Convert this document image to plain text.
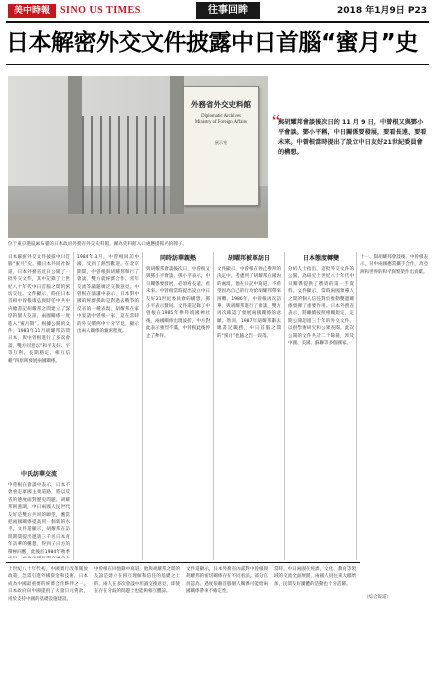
美中時報	SINO US TIMES	往事回眸	2018 年1月9日 P23
日本解密外交文件披露中日首腦“蜜月”史
外務省外交史料館
Diplomatic Archives
Ministry of Foreign Affairs
展示室
位于東京港區麻布臺的日本政府外務省外交史料館。圖為史料館入口處懸掛館名的牌子。
“
與胡耀邦會談後次日的 11 月 9 日，中曾根又與鄧小平會談。鄧小平稱，中日關係要發展，要看長遠、要看未來。中曾根當時提出了設立中日友好21世紀委員會的構想。
日本解密外交文件披露中日首腦“蜜月”史。據日本共同社報道，日本外務省近日公開了一批外交文件，其中記錄了上世紀八十年代中日首腦之間的密切交往。文件顯示，時任日本首相中曾根康弘與時任中共中央總書記胡耀邦之間建立了深厚的個人友誼，兩國關係一度進入“蜜月期”。根據公開的文件，1983年11月胡耀邦訪問日本，與中曾根進行了多次會談，雙方同意以“和平友好、平等互利、長期穩定、相互信賴”四原則發展兩國關係。
中氏訪華交流
中曾根在會談中表示，日本不會重走軍國主義道路，將以反省的態度面對歷史問題。胡耀邦則強調，中日兩國人民世代友好是雙方共同的願望，應當把兩國關係提高到一個新的水平。文件還顯示，胡耀邦在訪問期間提出邀請三千名日本青年訪華的構想，得到了日方的積極回應，此後於1984年秋季
1984年3月，中曾根回訪中國，受到了熱烈歡迎。在北京期間，中曾根與胡耀邦舉行了會談，雙方就經濟合作、青年交流等議題廣泛交換意見。中曾根在演講中表示，日本對中國的經濟援助是對過去戰爭的反省的一種表現。胡耀邦在家中宴請中曾根一家，這在當時的外交慣例中十分罕見，顯示出兩人關係的親密程度。
同時訪華親熱
與胡耀邦會談後次日，中曾根又與鄧小平會談。鄧小平表示，中日關係要發展，必須看長遠、看未來。中曾根當時提出設立中日友好21世紀委員會的構想，鄧小平表示贊同。文件還記錄了中曾根在1985年參拜靖國神社後，兩國關係出現波折，中方對此表示強烈不滿，中曾根此後停止了參拜。
胡曜邦被革訪日
文件顯示，中曾根在停止參拜的決定中，考慮到了胡耀邦在國內的處境。他在日記中寫道，不希望因為自己的行為給胡耀邦帶來困難。1986年，中曾根再次訪華，與胡耀邦進行了會談，雙方再次確認了發展兩國關係的意願。然而，1987年胡耀邦辭去總書記職務，中日首腦之間的“蜜月”也隨之告一段落。
日本態度轉變
分析人士指出，這批外交文件的公開，為研究上世紀八十年代中日關係提供了寶貴的第一手資料。文件顯示，當時兩國領導人之間的個人信任對於推動雙邊關係發揮了重要作用。日本外務省表示，將繼續按照相關規定，定期公開超過三十年的外交文件，以供學術研究和公眾查閱。此次公開的文件共計二十餘冊，涉及中國、美國、蘇聯等多個國家。
十一、與胡耀邦會談後，中曾根表示，日中兩國應當攜手合作，為亞洲和世界的和平與繁榮作出貢獻。
上世紀八十年代初，中國實行改革開放政策，急需引進外國資金和技術，日本成為中國最重要的經濟合作夥伴之一。日本政府向中國提供了大量日元貸款，用於支持中國的基礎設施建設。
中曾根在回憶錄中寫道，他與胡耀邦之間的友誼是建立在相互理解和信任的基礎之上的。兩人在多次會談中坦誠交換意見，即使在存在分歧的問題上也能夠相互體諒。
文件還顯示，日本外務省內部對中曾根與胡耀邦的密切關係存在不同看法。部分官員認為，過度依賴首腦個人關係可能給兩國關係帶來不確定性。
當時，中日兩國在經濟、文化、教育等領域的交流全面展開，兩國人員往來大幅增加，民間友好團體的活動也十分活躍。
（綜合報道）
